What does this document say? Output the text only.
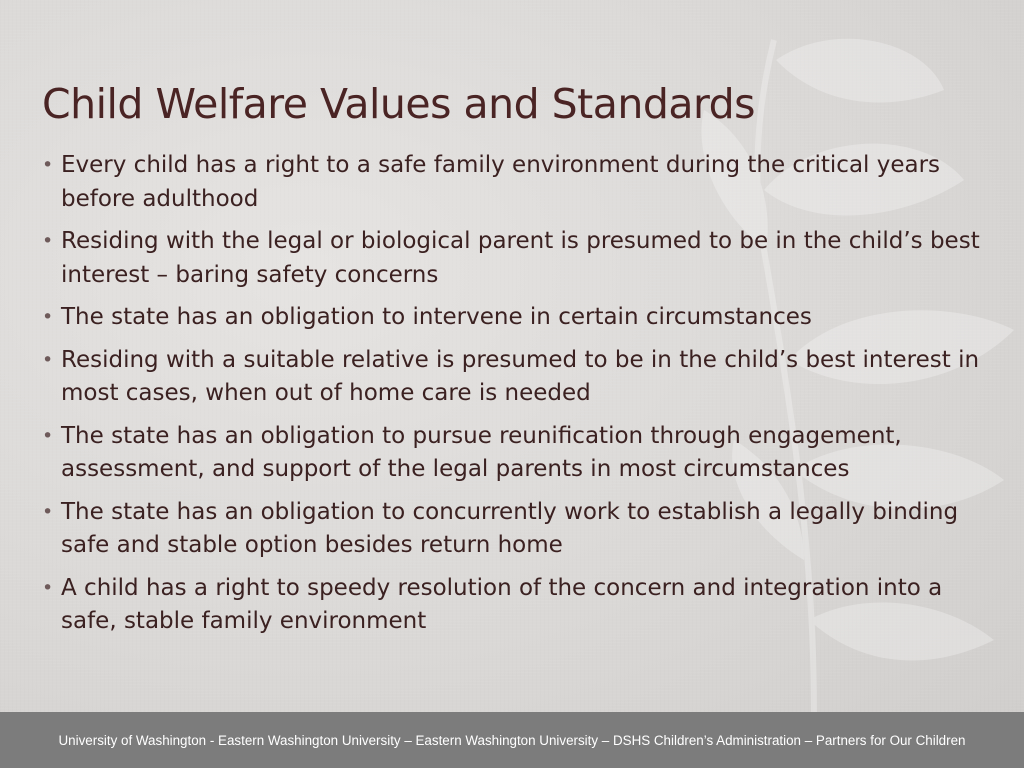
Child Welfare Values and Standards
• Every child has a right to a safe family environment during the critical years before adulthood
• Residing with the legal or biological parent is presumed to be in the child’s best interest – baring safety concerns
• The state has an obligation to intervene in certain circumstances
• Residing with a suitable relative is presumed to be in the child’s best interest in most cases, when out of home care is needed
• The state has an obligation to pursue reunification through engagement, assessment, and support of the legal parents in most circumstances
• The state has an obligation to concurrently work to establish a legally binding safe and stable option besides return home
• A child has a right to speedy resolution of the concern and integration into a safe, stable family environment
University of Washington - Eastern Washington University – Eastern Washington University – DSHS Children’s Administration – Partners for Our Children
